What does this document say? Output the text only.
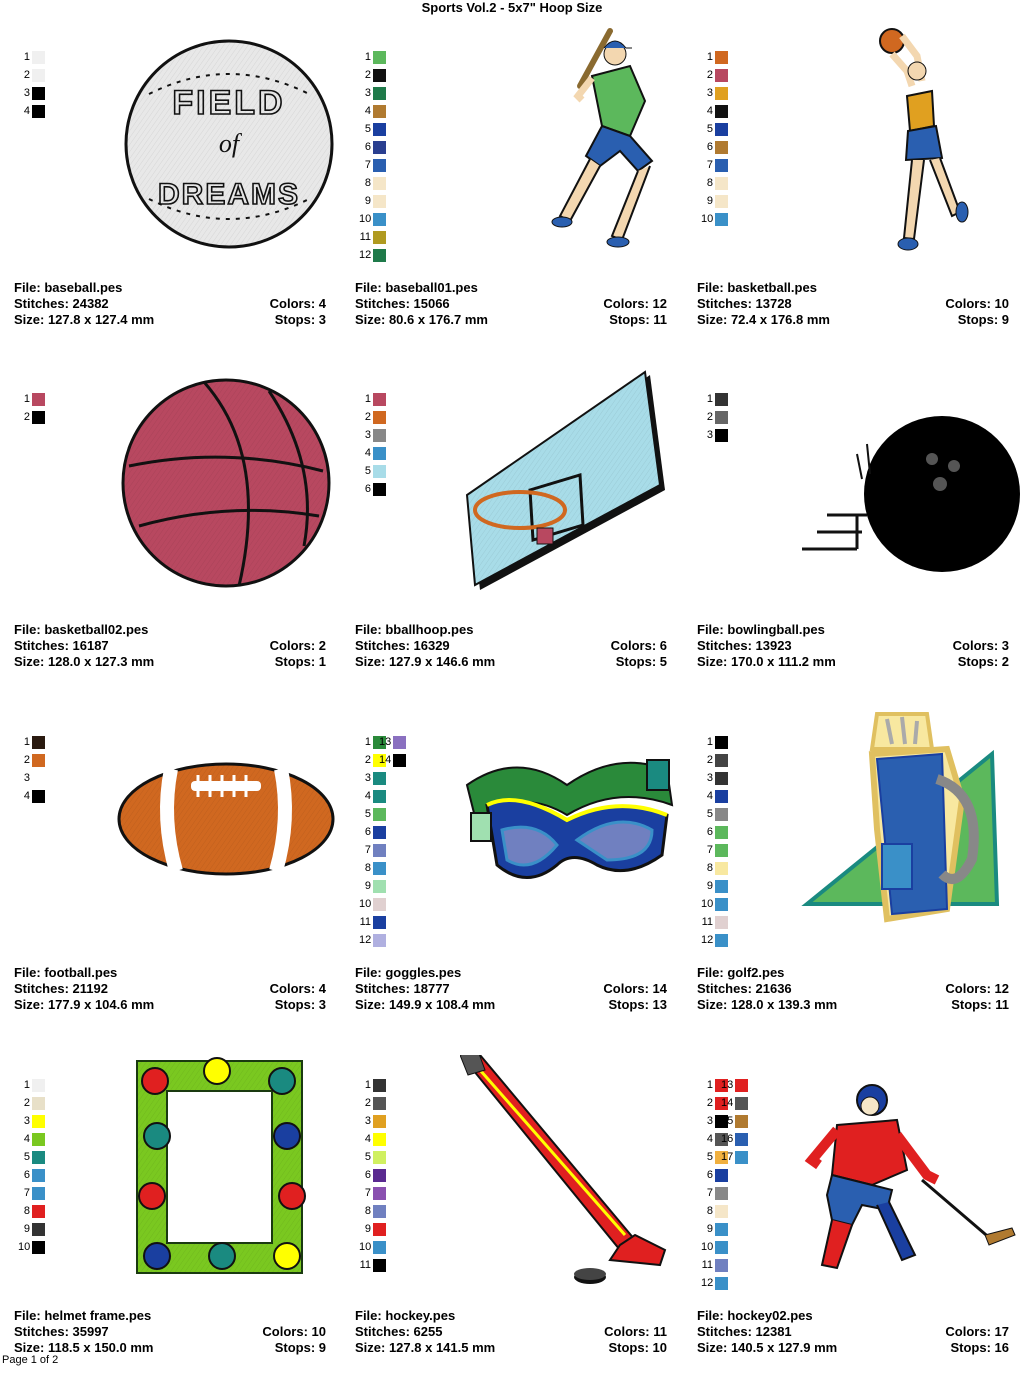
Sports Vol.2 - 5x7" Hoop Size
1
2
3
4	FIELD
of
DREAMS
File: baseball.pes
Stitches: 24382	Colors: 4
Size: 127.8 x 127.4 mm	Stops: 3
1
2
3
4
5
6
7
8
9
10
11
12
File: baseball01.pes
Stitches: 15066	Colors: 12
Size: 80.6 x 176.7 mm	Stops: 11
1
2
3
4
5
6
7
8
9
10
File: basketball.pes
Stitches: 13728	Colors: 10
Size: 72.4 x 176.8 mm	Stops: 9
1
2
File: basketball02.pes
Stitches: 16187	Colors: 2
Size: 128.0 x 127.3 mm	Stops: 1
1
2
3
4
5
6
File: bballhoop.pes
Stitches: 16329	Colors: 6
Size: 127.9 x 146.6 mm	Stops: 5
1
2
3
File: bowlingball.pes
Stitches: 13923	Colors: 3
Size: 170.0 x 111.2 mm	Stops: 2
1
2
3
4
File: football.pes
Stitches: 21192	Colors: 4
Size: 177.9 x 104.6 mm	Stops: 3
1
2
3
4
5
6
7
8
9
10
11
12
13
14
File: goggles.pes
Stitches: 18777	Colors: 14
Size: 149.9 x 108.4 mm	Stops: 13
1
2
3
4
5
6
7
8
9
10
11
12
File: golf2.pes
Stitches: 21636	Colors: 12
Size: 128.0 x 139.3 mm	Stops: 11
1
2
3
4
5
6
7
8
9
10
File: helmet frame.pes
Stitches: 35997	Colors: 10
Size: 118.5 x 150.0 mm	Stops: 9
1
2
3
4
5
6
7
8
9
10
11
File: hockey.pes
Stitches: 6255	Colors: 11
Size: 127.8 x 141.5 mm	Stops: 10
1
2
3
4
5
6
7
8
9
10
11
12
13
14
15
16
17
File: hockey02.pes
Stitches: 12381	Colors: 17
Size: 140.5 x 127.9 mm	Stops: 16
Page 1 of 2
